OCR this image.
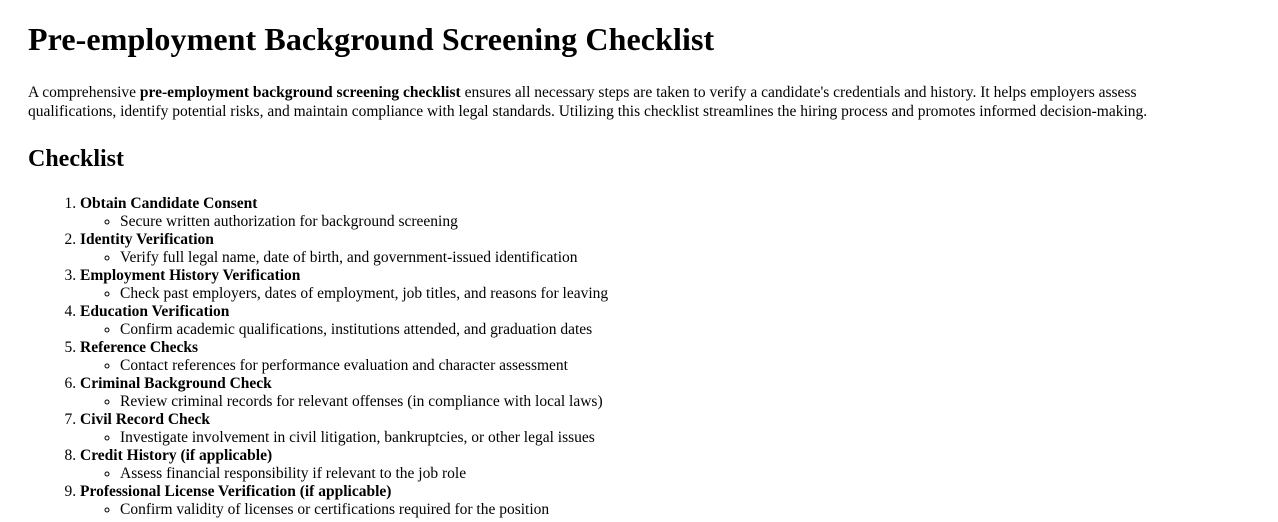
Pre-employment Background Screening Checklist

A comprehensive pre-employment background screening checklist ensures all necessary steps are taken to verify a candidate's credentials and history. It helps employers assess qualifications, identify potential risks, and maintain compliance with legal standards. Utilizing this checklist streamlines the hiring process and promotes informed decision-making.

Checklist
1. Obtain Candidate Consent
◦ Secure written authorization for background screening
2. Identity Verification
◦ Verify full legal name, date of birth, and government-issued identification
3. Employment History Verification
◦ Check past employers, dates of employment, job titles, and reasons for leaving
4. Education Verification
◦ Confirm academic qualifications, institutions attended, and graduation dates
5. Reference Checks
◦ Contact references for performance evaluation and character assessment
6. Criminal Background Check
◦ Review criminal records for relevant offenses (in compliance with local laws)
7. Civil Record Check
◦ Investigate involvement in civil litigation, bankruptcies, or other legal issues
8. Credit History (if applicable)
◦ Assess financial responsibility if relevant to the job role
9. Professional License Verification (if applicable)
◦ Confirm validity of licenses or certifications required for the position
